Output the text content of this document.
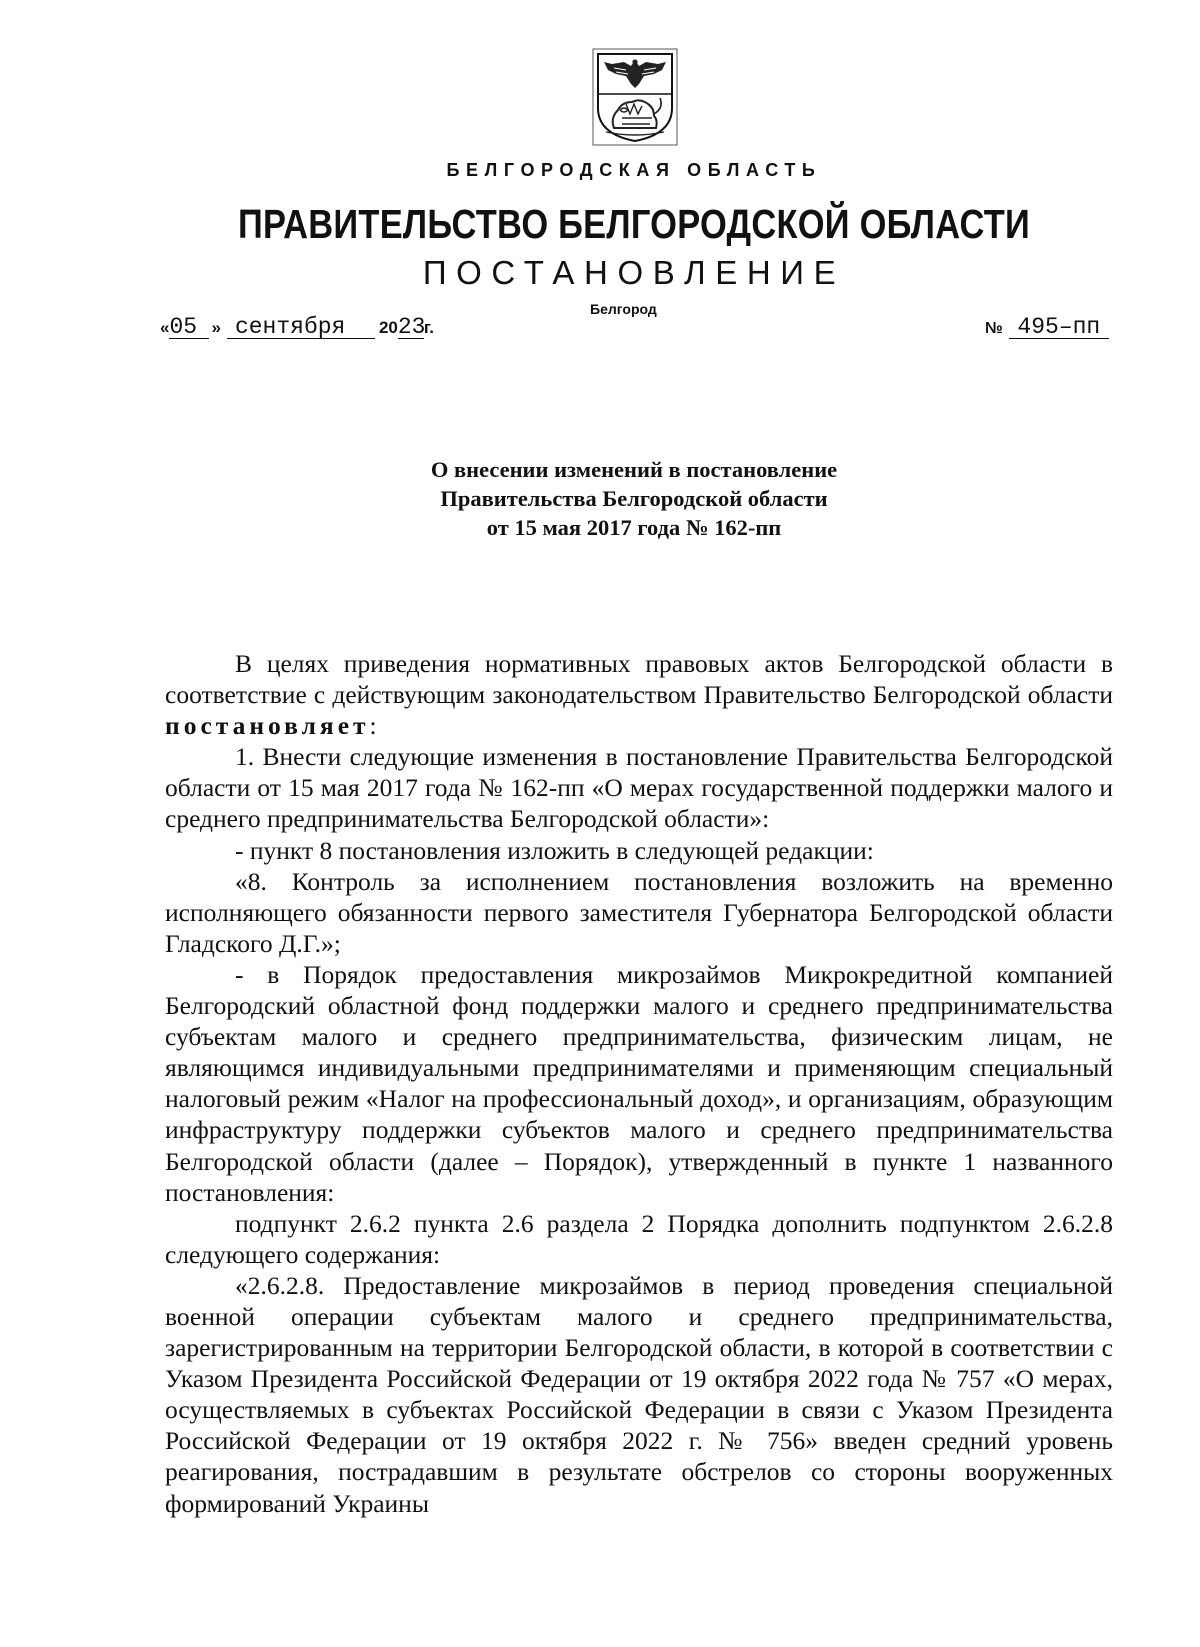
БЕЛГОРОДСКАЯ ОБЛАСТЬ
ПРАВИТЕЛЬСТВО БЕЛГОРОДСКОЙ ОБЛАСТИ
ПОСТАНОВЛЕНИЕ
Белгород
« 05 » сентября	20 23
г.	№ 495–пп
О внесении изменений в постановление
Правительства Белгородской области
от 15 мая 2017 года № 162-пп

В целях приведения нормативных правовых актов Белгородской области в соответствие с действующим законодательством Правительство Белгородской области постановляет:

1. Внести следующие изменения в постановление Правительства Белгородской области от 15 мая 2017 года № 162-пп «О мерах государственной поддержки малого и среднего предпринимательства Белгородской области»:

- пункт 8 постановления изложить в следующей редакции:

«8. Контроль за исполнением постановления возложить на временно исполняющего обязанности первого заместителя Губернатора Белгородской области Гладского Д.Г.»;

- в Порядок предоставления микрозаймов Микрокредитной компанией Белгородский областной фонд поддержки малого и среднего предпринимательства субъектам малого и среднего предпринимательства, физическим лицам, не являющимся индивидуальными предпринимателями и применяющим специальный налоговый режим «Налог на профессиональный доход», и организациям, образующим инфраструктуру поддержки субъектов малого и среднего предпринимательства Белгородской области (далее – Порядок), утвержденный в пункте 1 названного постановления:

подпункт 2.6.2 пункта 2.6 раздела 2 Порядка дополнить подпунктом 2.6.2.8 следующего содержания:

«2.6.2.8. Предоставление микрозаймов в период проведения специальной военной операции субъектам малого и среднего предпринимательства, зарегистрированным на территории Белгородской области, в которой в соответствии с Указом Президента Российской Федерации от 19 октября 2022 года № 757 «О мерах, осуществляемых в субъектах Российской Федерации в связи с Указом Президента Российской Федерации от 19 октября 2022 г. № 756» введен средний уровень реагирования, пострадавшим в результате обстрелов со стороны вооруженных формирований Украины
